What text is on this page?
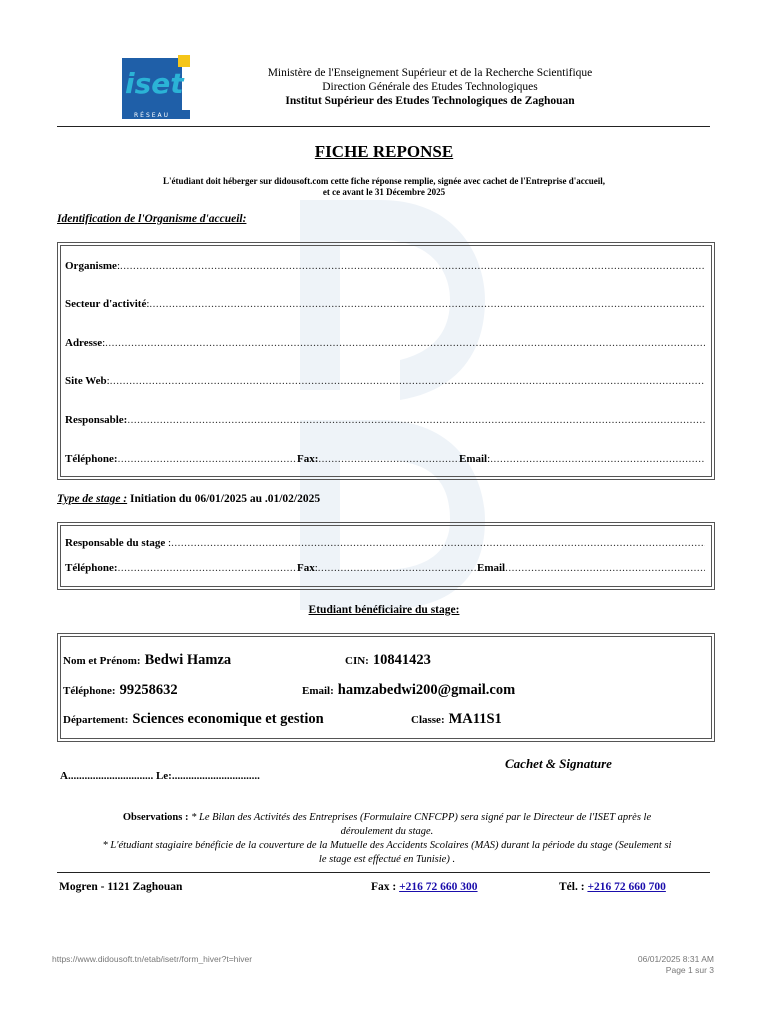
iset
RÉSEAU
Ministère de l'Enseignement Supérieur et de la Recherche Scientifique
Direction Générale des Etudes Technologiques
Institut Supérieur des Etudes Technologiques de Zaghouan
FICHE REPONSE
L'étudiant doit héberger sur didousoft.com cette fiche réponse remplie, signée avec cachet de l'Entreprise d'accueil,
et ce avant le 31 Décembre 2025
Identification de l'Organisme d'accueil:
Organisme :
.....
Secteur d'activité :
.....
Adresse :
.....
Site Web :
.....
Responsable:
.....
Téléphone: .....	Fax: .....	Email :
.....
Type de stage : Initiation du 06/01/2025 au .01/02/2025
Responsable du stage :
.....
Téléphone: .....	Fax : .....	Email
.....
Etudiant bénéficiaire du stage:
Nom et Prénom: Bedwi Hamza	CIN: 10841423
Téléphone: 99258632	Email: hamzabedwi200@gmail.com
Département: Sciences economique et gestion	Classe: MA11S1
Cachet & Signature
A............................... Le:................................
Observations : * Le Bilan des Activités des Entreprises (Formulaire CNFCPP) sera signé par le Directeur de l'ISET après le
déroulement du stage.
* L'étudiant stagiaire bénéficie de la couverture de la Mutuelle des Accidents Scolaires (MAS) durant la période du stage (Seulement si
le stage est effectué en Tunisie) .
Mogren - 1121 Zaghouan	Fax : +216 72 660 300	Tél. : +216 72 660 700
https://www.didousoft.tn/etab/isetr/form_hiver?t=hiver	06/01/2025 8:31 AM
Page 1 sur 3
